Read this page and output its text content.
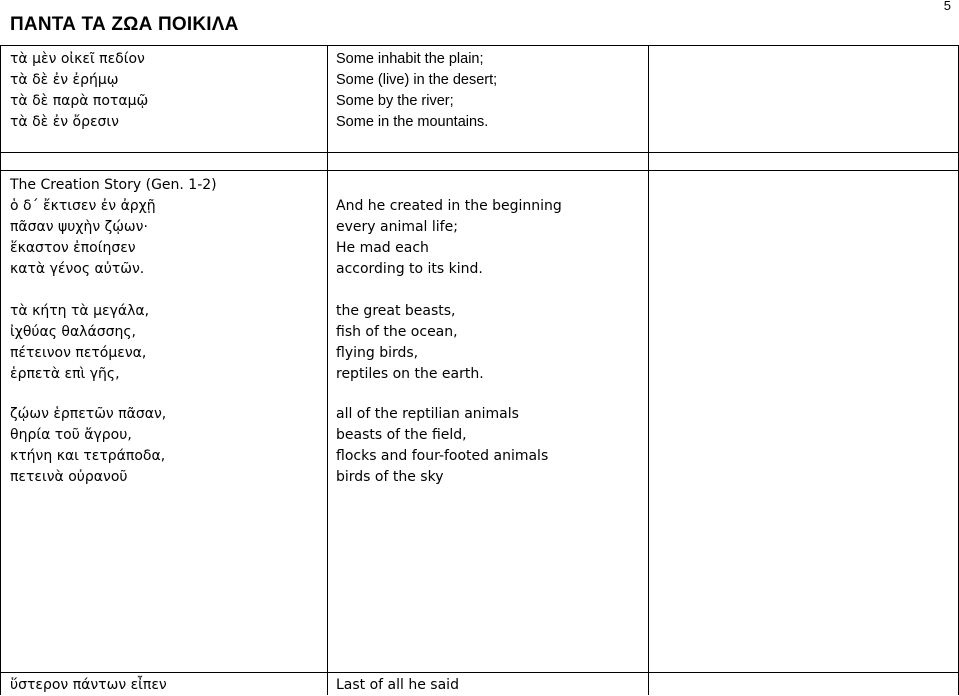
ΠΑΝΤΑ ΤΑ ΖΩΑ ΠΟΙΚΙΛΑ
5
τὰ μὲν οἰκεῖ πεδίον
τὰ δὲ ἐν ἐρήμῳ
τὰ δὲ παρὰ ποταμῷ
τὰ δὲ ἐν ὄρεσιν
Some inhabit the plain;
Some (live) in the desert;
Some by the river;
Some in the mountains.
The Creation Story (Gen. 1-2)
ὁ δ´ ἔκτισεν ἐν ἀρχῇ
πᾶσαν ψυχὴν ζῴων·
ἕκαστον ἐποίησεν
κατὰ γένος αὐτῶν.
And he created in the beginning
every animal life;
He mad each
according to its kind.
τὰ κήτη τὰ μεγάλα,
ἰχθύας θαλάσσης,
πέτεινον πετόμενα,
ἑρπετὰ επὶ γῆς,
the great beasts,
fish of the ocean,
flying birds,
reptiles on the earth.
ζῴων ἑρπετῶν πᾶσαν,
θηρία τοῦ ἄγρου,
κτήνη και τετράποδα,
πετεινὰ οὐρανοῦ
all of the reptilian animals
beasts of the field,
flocks and four-footed animals
birds of the sky
ὕστερον πάντων εἶπεν	Last of all he said
